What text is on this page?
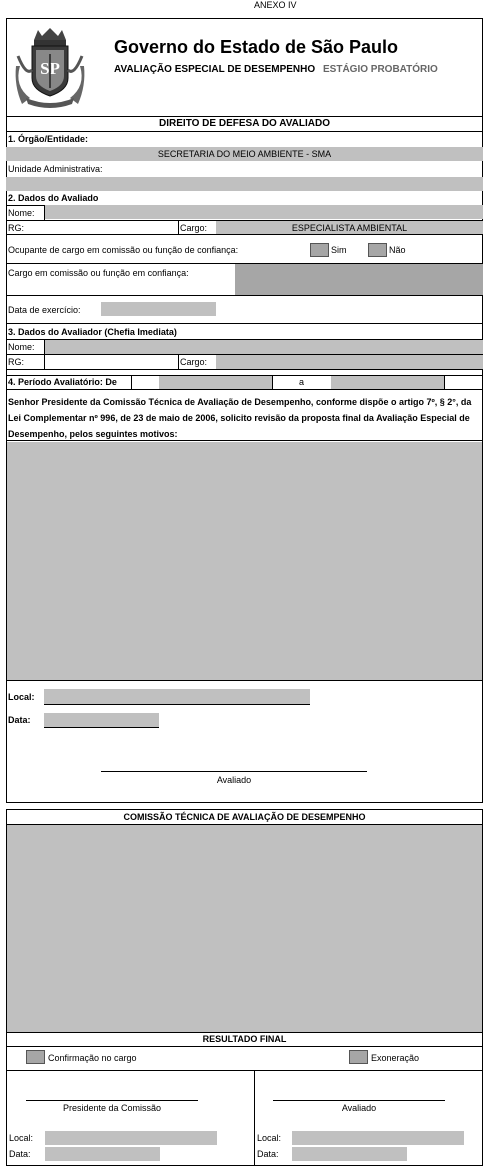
ANEXO IV
SP
Governo do Estado de São Paulo
AVALIAÇÃO ESPECIAL DE DESEMPENHO ESTÁGIO PROBATÓRIO
DIREITO DE DEFESA DO AVALIADO
1. Órgão/Entidade:
SECRETARIA DO MEIO AMBIENTE - SMA
Unidade Administrativa:
2. Dados do Avaliado
Nome:
RG:	Cargo:	ESPECIALISTA AMBIENTAL
Ocupante de cargo em comissão ou função de confiança:	Sim	Não
Cargo em comissão ou função em confiança:
Data de exercício:
3. Dados do Avaliador (Chefia Imediata)
Nome:
RG:	Cargo:
4. Período Avaliatório: De	a
Senhor Presidente da Comissão Técnica de Avaliação de Desempenho, conforme dispõe o artigo 7º, § 2°, da Lei Complementar nº 996, de 23 de maio de 2006, solicito revisão da proposta final da Avaliação Especial de Desempenho, pelos seguintes motivos:
Local:
Data:
Avaliado
COMISSÃO TÉCNICA DE AVALIAÇÃO DE DESEMPENHO
RESULTADO FINAL
Confirmação no cargo	Exoneração
Presidente da Comissão	Avaliado
Local:
Data:
Local:
Data:
